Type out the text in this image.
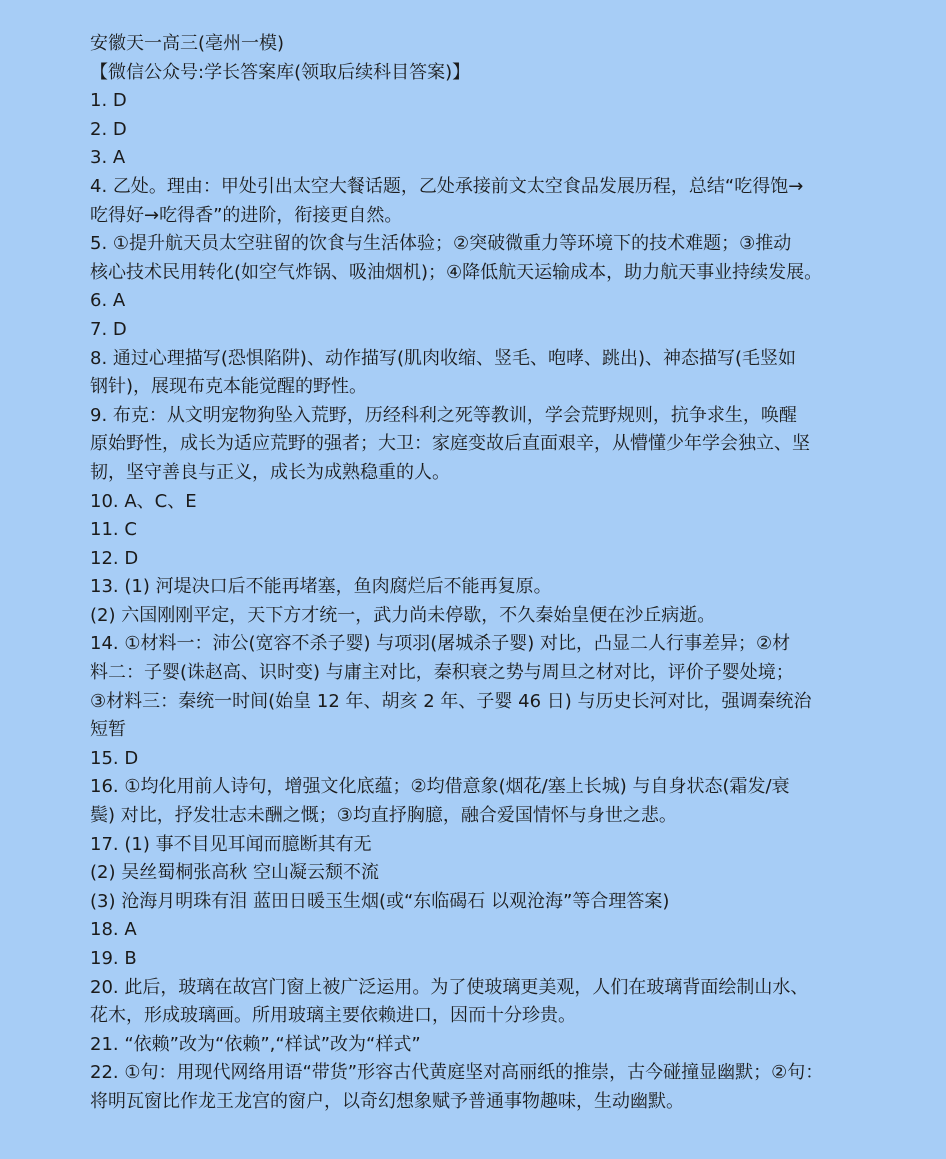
安徽天一高三(亳州一模)
【微信公众号:学长答案库(领取后续科目答案)】
1. D
2. D
3. A
4. 乙处。理由：甲处引出太空大餐话题，乙处承接前文太空食品发展历程，总结“吃得饱→
吃得好→吃得香”的进阶，衔接更自然。
5. ①提升航天员太空驻留的饮食与生活体验；②突破微重力等环境下的技术难题；③推动
核心技术民用转化(如空气炸锅、吸油烟机)；④降低航天运输成本，助力航天事业持续发展。
6. A
7. D
8. 通过心理描写(恐惧陷阱)、动作描写(肌肉收缩、竖毛、咆哮、跳出)、神态描写(毛竖如
钢针)，展现布克本能觉醒的野性。
9. 布克：从文明宠物狗坠入荒野，历经科利之死等教训，学会荒野规则，抗争求生，唤醒
原始野性，成长为适应荒野的强者；大卫：家庭变故后直面艰辛，从懵懂少年学会独立、坚
韧，坚守善良与正义，成长为成熟稳重的人。
10. A、C、E
11. C
12. D
13. (1) 河堤决口后不能再堵塞，鱼肉腐烂后不能再复原。
(2) 六国刚刚平定，天下方才统一，武力尚未停歇，不久秦始皇便在沙丘病逝。
14. ①材料一：沛公(宽容不杀子婴) 与项羽(屠城杀子婴) 对比，凸显二人行事差异；②材
料二：子婴(诛赵高、识时变) 与庸主对比，秦积衰之势与周旦之材对比，评价子婴处境；
③材料三：秦统一时间(始皇 12 年、胡亥 2 年、子婴 46 日) 与历史长河对比，强调秦统治
短暂
15. D
16. ①均化用前人诗句，增强文化底蕴；②均借意象(烟花/塞上长城) 与自身状态(霜发/衰
鬓) 对比，抒发壮志未酬之慨；③均直抒胸臆，融合爱国情怀与身世之悲。
17. (1) 事不目见耳闻而臆断其有无
(2) 吴丝蜀桐张高秋 空山凝云颓不流
(3) 沧海月明珠有泪 蓝田日暖玉生烟(或“东临碣石 以观沧海”等合理答案)
18. A
19. B
20. 此后，玻璃在故宫门窗上被广泛运用。为了使玻璃更美观，人们在玻璃背面绘制山水、
花木，形成玻璃画。所用玻璃主要依赖进口，因而十分珍贵。
21. “依赖”改为“依赖”,“样试”改为“样式”
22. ①句：用现代网络用语“带货”形容古代黄庭坚对高丽纸的推崇，古今碰撞显幽默；②句：
将明瓦窗比作龙王龙宫的窗户，以奇幻想象赋予普通事物趣味，生动幽默。
